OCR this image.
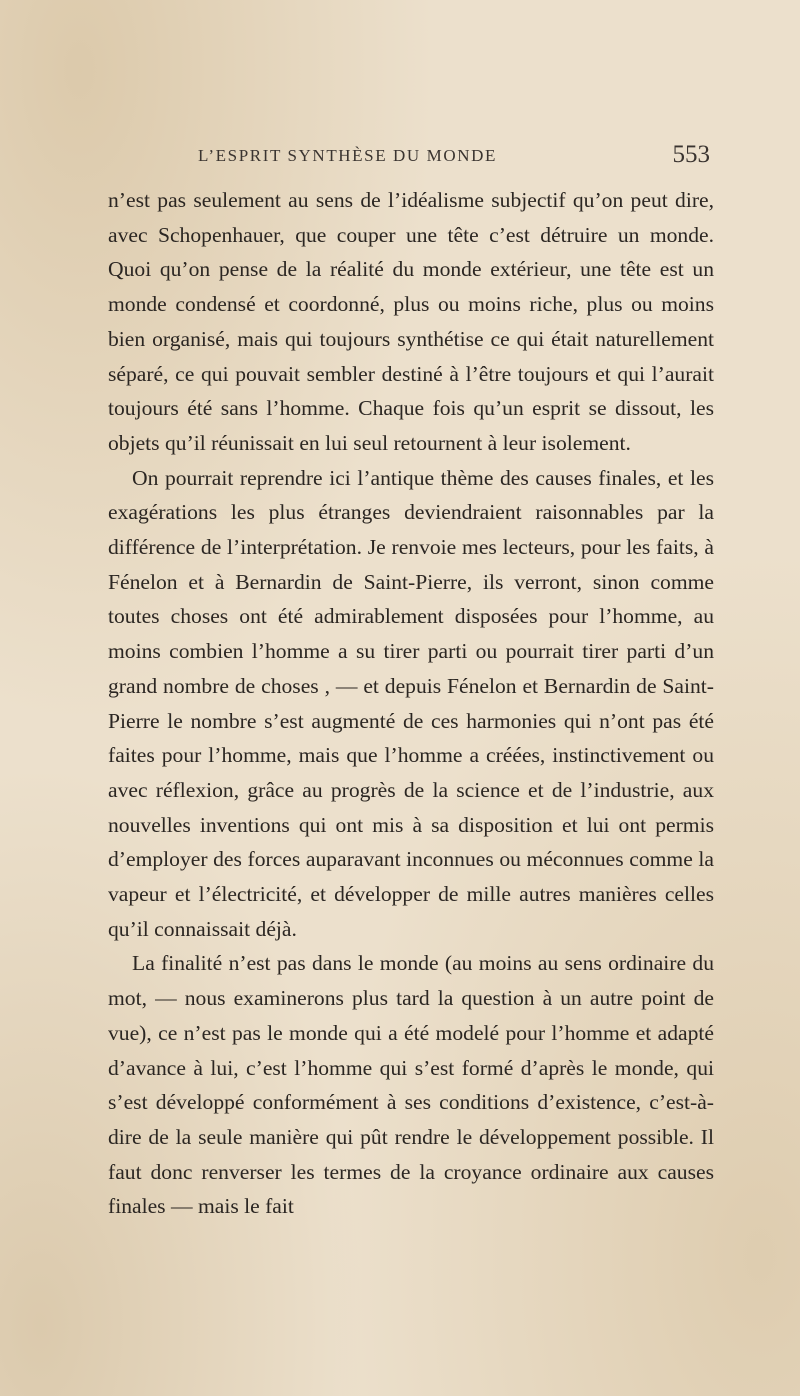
L’ESPRIT SYNTHÈSE DU MONDE	553

n’est pas seulement au sens de l’idéalisme subjectif qu’on peut dire, avec Schopenhauer, que couper une tête c’est détruire un monde. Quoi qu’on pense de la réalité du monde extérieur, une tête est un monde condensé et coordonné, plus ou moins riche, plus ou moins bien organisé, mais qui toujours synthétise ce qui était naturellement séparé, ce qui pouvait sembler destiné à l’être toujours et qui l’aurait toujours été sans l’homme. Chaque fois qu’un esprit se dissout, les objets qu’il réunissait en lui seul retournent à leur isolement.

On pourrait reprendre ici l’antique thème des causes finales, et les exagérations les plus étranges deviendraient raisonnables par la différence de l’interprétation. Je renvoie mes lecteurs, pour les faits, à Fénelon et à Bernardin de Saint-Pierre, ils verront, sinon comme toutes choses ont été admirablement disposées pour l’homme, au moins combien l’homme a su tirer parti ou pourrait tirer parti d’un grand nombre de choses , — et depuis Fénelon et Bernardin de Saint-Pierre le nombre s’est augmenté de ces harmonies qui n’ont pas été faites pour l’homme, mais que l’homme a créées, instinctivement ou avec réflexion, grâce au progrès de la science et de l’industrie, aux nouvelles inventions qui ont mis à sa disposition et lui ont permis d’employer des forces auparavant inconnues ou méconnues comme la vapeur et l’électricité, et développer de mille autres manières celles qu’il connaissait déjà.

La finalité n’est pas dans le monde (au moins au sens ordinaire du mot, — nous examinerons plus tard la question à un autre point de vue), ce n’est pas le monde qui a été modelé pour l’homme et adapté d’avance à lui, c’est l’homme qui s’est formé d’après le monde, qui s’est développé conformément à ses conditions d’existence, c’est-à-dire de la seule manière qui pût rendre le développement possible. Il faut donc renverser les termes de la croyance ordinaire aux causes finales — mais le fait
